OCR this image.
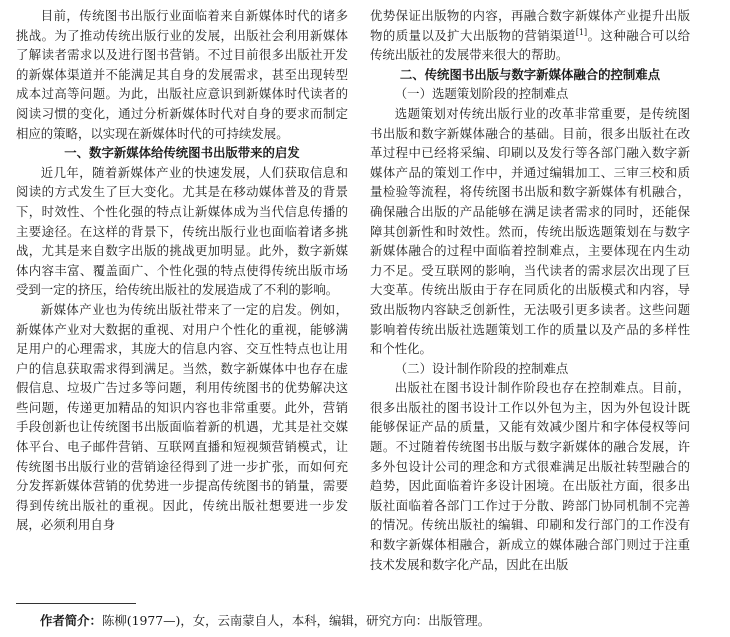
目前，传统图书出版行业面临着来自新媒体时代的诸多挑战。为了推动传统出版行业的发展，出版社会利用新媒体了解读者需求以及进行图书营销。不过目前很多出版社开发的新媒体渠道并不能满足其自身的发展需求，甚至出现转型成本过高等问题。为此，出版社应意识到新媒体时代读者的阅读习惯的变化，通过分析新媒体时代对自身的要求而制定相应的策略，以实现在新媒体时代的可持续发展。

一、数字新媒体给传统图书出版带来的启发

近几年，随着新媒体产业的快速发展，人们获取信息和阅读的方式发生了巨大变化。尤其是在移动媒体普及的背景下，时效性、个性化强的特点让新媒体成为当代信息传播的主要途径。在这样的背景下，传统出版行业也面临着诸多挑战，尤其是来自数字出版的挑战更加明显。此外，数字新媒体内容丰富、覆盖面广、个性化强的特点使得传统出版市场受到一定的挤压，给传统出版社的发展造成了不利的影响。

新媒体产业也为传统出版社带来了一定的启发。例如，新媒体产业对大数据的重视、对用户个性化的重视，能够满足用户的心理需求，其庞大的信息内容、交互性特点也让用户的信息获取需求得到满足。当然，数字新媒体中也存在虚假信息、垃圾广告过多等问题，利用传统图书的优势解决这些问题，传递更加精品的知识内容也非常重要。此外，营销手段创新也让传统图书出版面临着新的机遇，尤其是社交媒体平台、电子邮件营销、互联网直播和短视频营销模式，让传统图书出版行业的营销途径得到了进一步扩张，而如何充分发挥新媒体营销的优势进一步提高传统图书的销量，需要得到传统出版社的重视。因此，传统出版社想要进一步发展，必须利用自身

优势保证出版物的内容，再融合数字新媒体产业提升出版物的质量以及扩大出版物的营销渠道[1]。这种融合可以给传统出版社的发展带来很大的帮助。

二、传统图书出版与数字新媒体融合的控制难点
（一）选题策划阶段的控制难点

选题策划对传统出版行业的改革非常重要，是传统图书出版和数字新媒体融合的基础。目前，很多出版社在改革过程中已经将采编、印刷以及发行等各部门融入数字新媒体产品的策划工作中，并通过编辑加工、三审三校和质量检验等流程，将传统图书出版和数字新媒体有机融合，确保融合出版的产品能够在满足读者需求的同时，还能保障其创新性和时效性。然而，传统出版选题策划在与数字新媒体融合的过程中面临着控制难点，主要体现在内生动力不足。受互联网的影响，当代读者的需求层次出现了巨大变革。传统出版由于存在同质化的出版模式和内容，导致出版物内容缺乏创新性，无法吸引更多读者。这些问题影响着传统出版社选题策划工作的质量以及产品的多样性和个性化。

（二）设计制作阶段的控制难点

出版社在图书设计制作阶段也存在控制难点。目前，很多出版社的图书设计工作以外包为主，因为外包设计既能够保证产品的质量，又能有效减少图片和字体侵权等问题。不过随着传统图书出版与数字新媒体的融合发展，许多外包设计公司的理念和方式很难满足出版社转型融合的趋势，因此面临着许多设计困境。在出版社方面，很多出版社面临着各部门工作过于分散、跨部门协同机制不完善的情况。传统出版社的编辑、印刷和发行部门的工作没有和数字新媒体相融合，新成立的媒体融合部门则过于注重技术发展和数字化产品，因此在出版

作者简介：陈柳(1977—)，女，云南蒙自人，本科，编辑，研究方向：出版管理。
